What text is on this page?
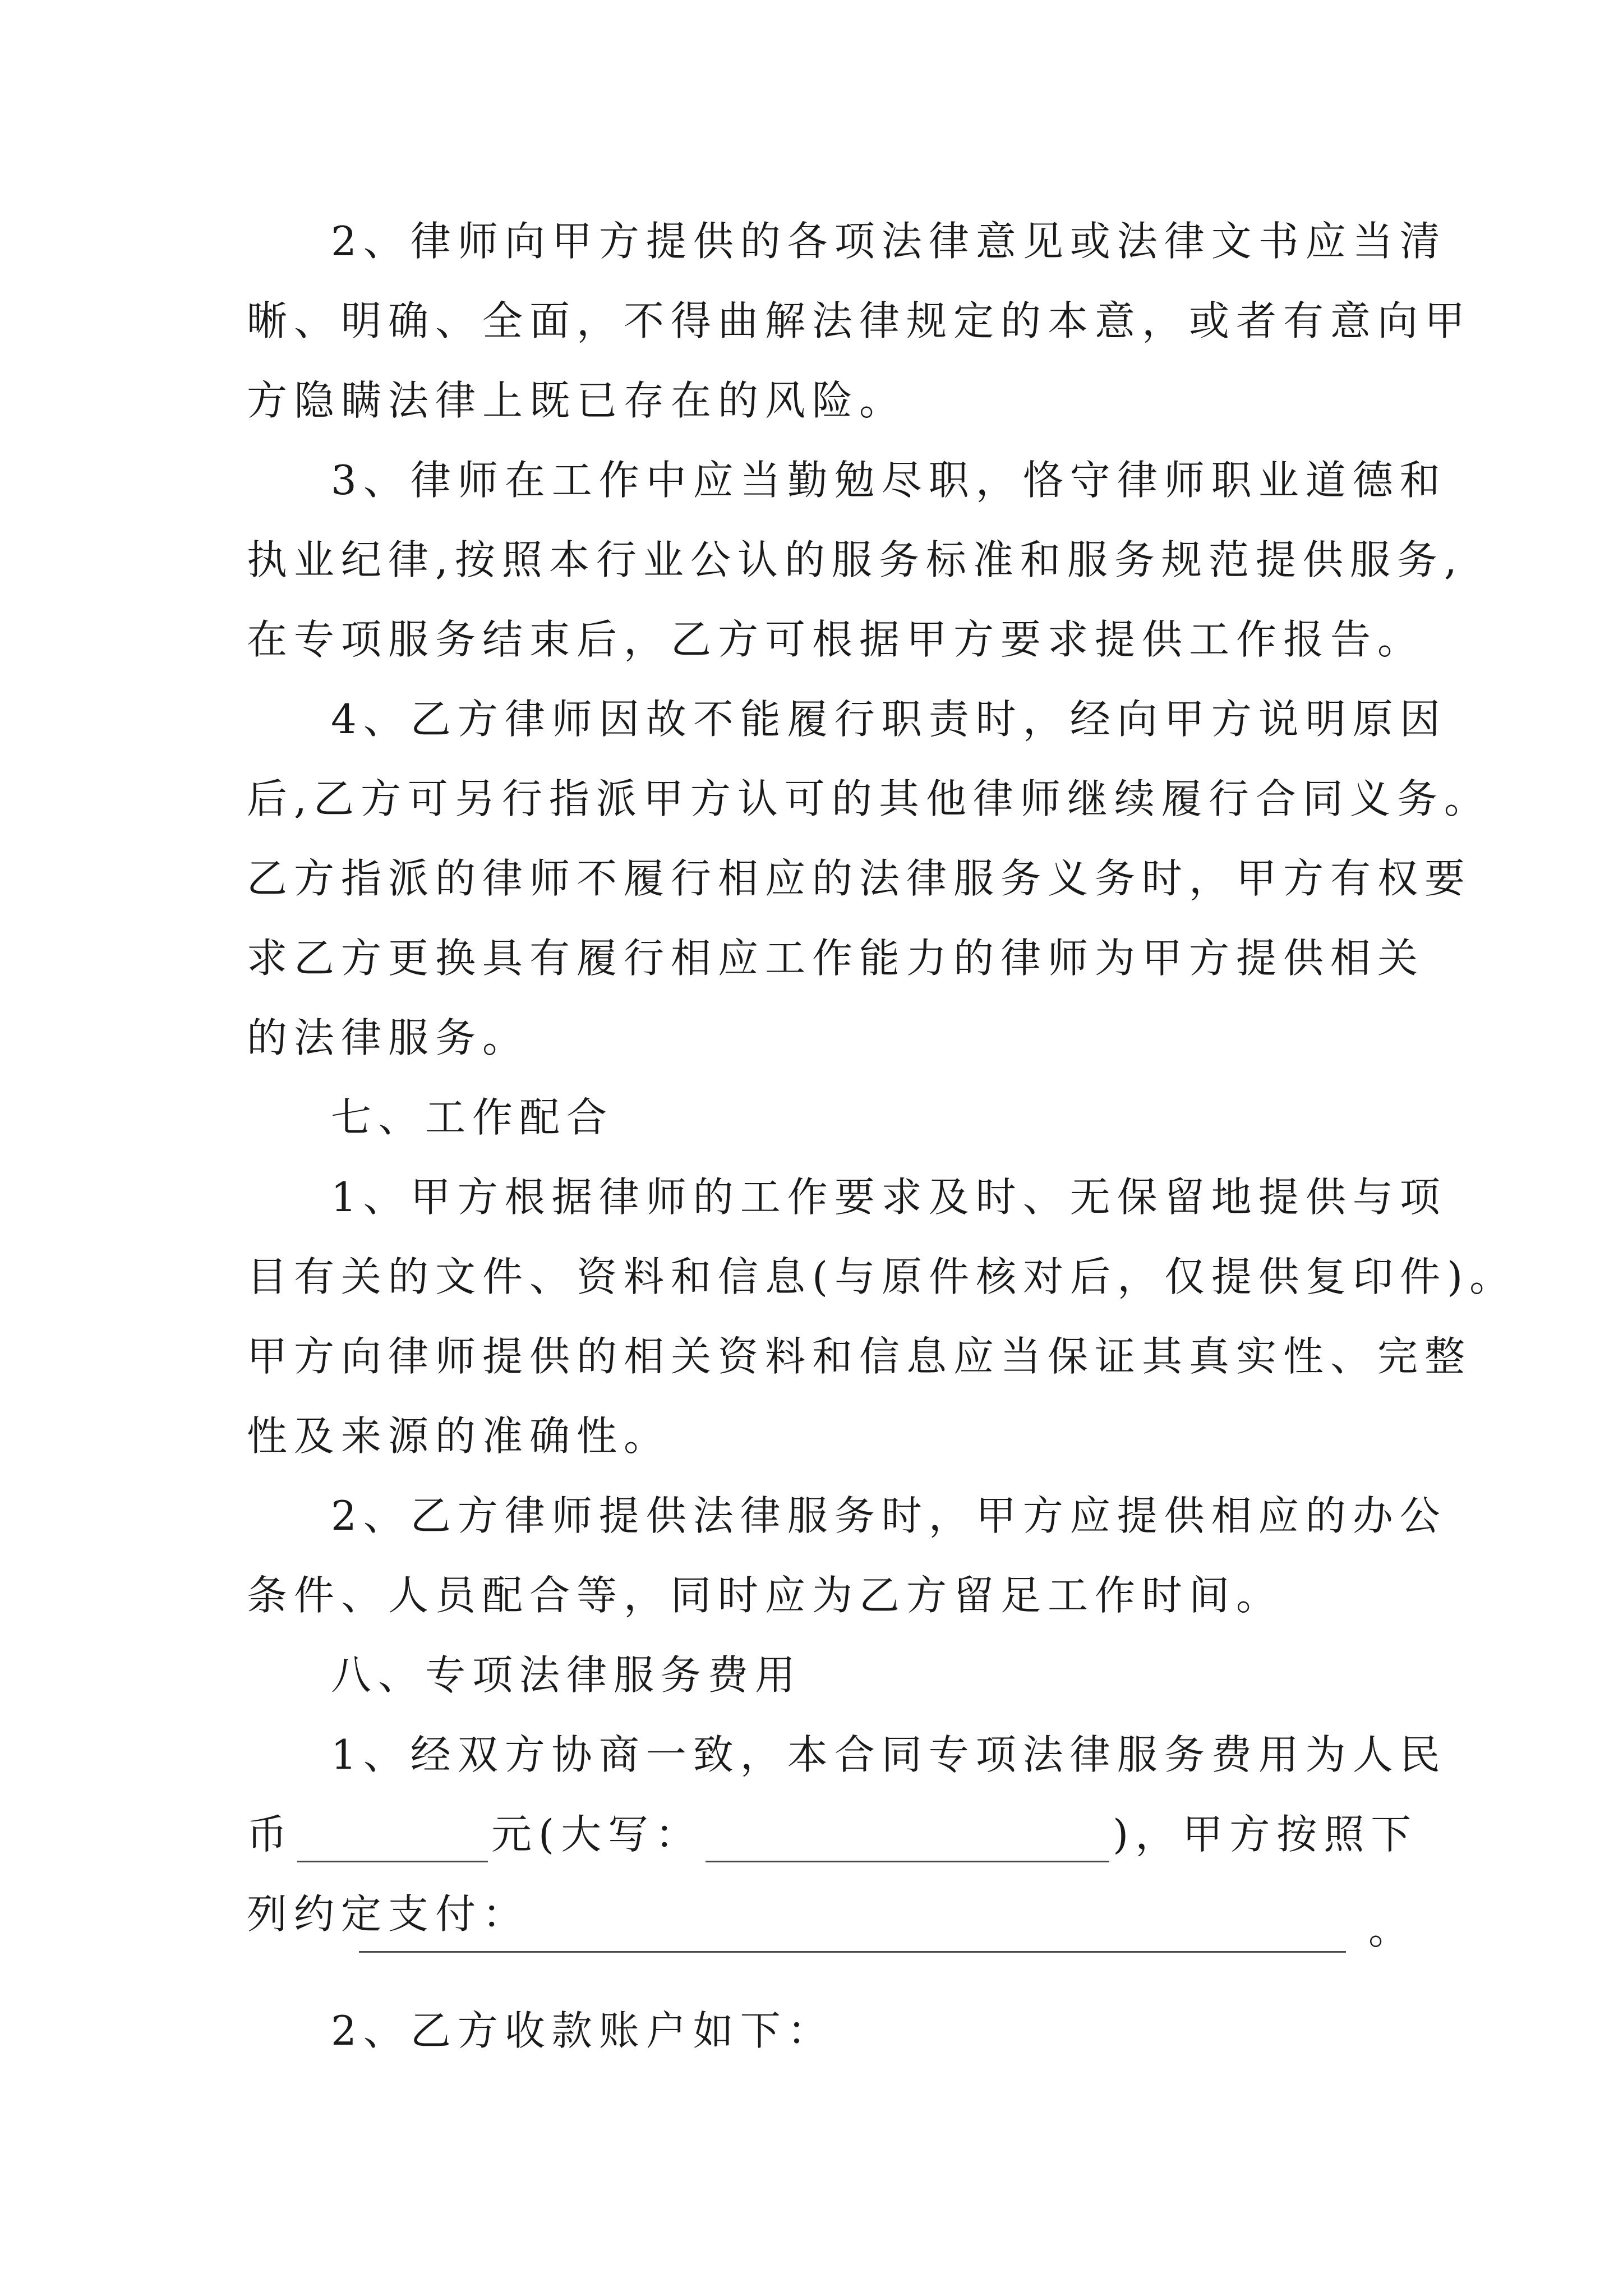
2、律师向甲方提供的各项法律意见或法律文书应当清
晰、明确、全面，不得曲解法律规定的本意，或者有意向甲
方隐瞒法律上既已存在的风险。
3、律师在工作中应当勤勉尽职，恪守律师职业道德和
执业纪律,按照本行业公认的服务标准和服务规范提供服务,
在专项服务结束后，乙方可根据甲方要求提供工作报告。
4、乙方律师因故不能履行职责时，经向甲方说明原因
后,乙方可另行指派甲方认可的其他律师继续履行合同义务。
乙方指派的律师不履行相应的法律服务义务时，甲方有权要
求乙方更换具有履行相应工作能力的律师为甲方提供相关
的法律服务。
七、工作配合
1、甲方根据律师的工作要求及时、无保留地提供与项
目有关的文件、资料和信息(与原件核对后，仅提供复印件)。
甲方向律师提供的相关资料和信息应当保证其真实性、完整
性及来源的准确性。
2、乙方律师提供法律服务时，甲方应提供相应的办公
条件、人员配合等，同时应为乙方留足工作时间。
八、专项法律服务费用
1、经双方协商一致，本合同专项法律服务费用为人民
币	元(大写：	)，甲方按照下
列约定支付：	。
2、乙方收款账户如下：
